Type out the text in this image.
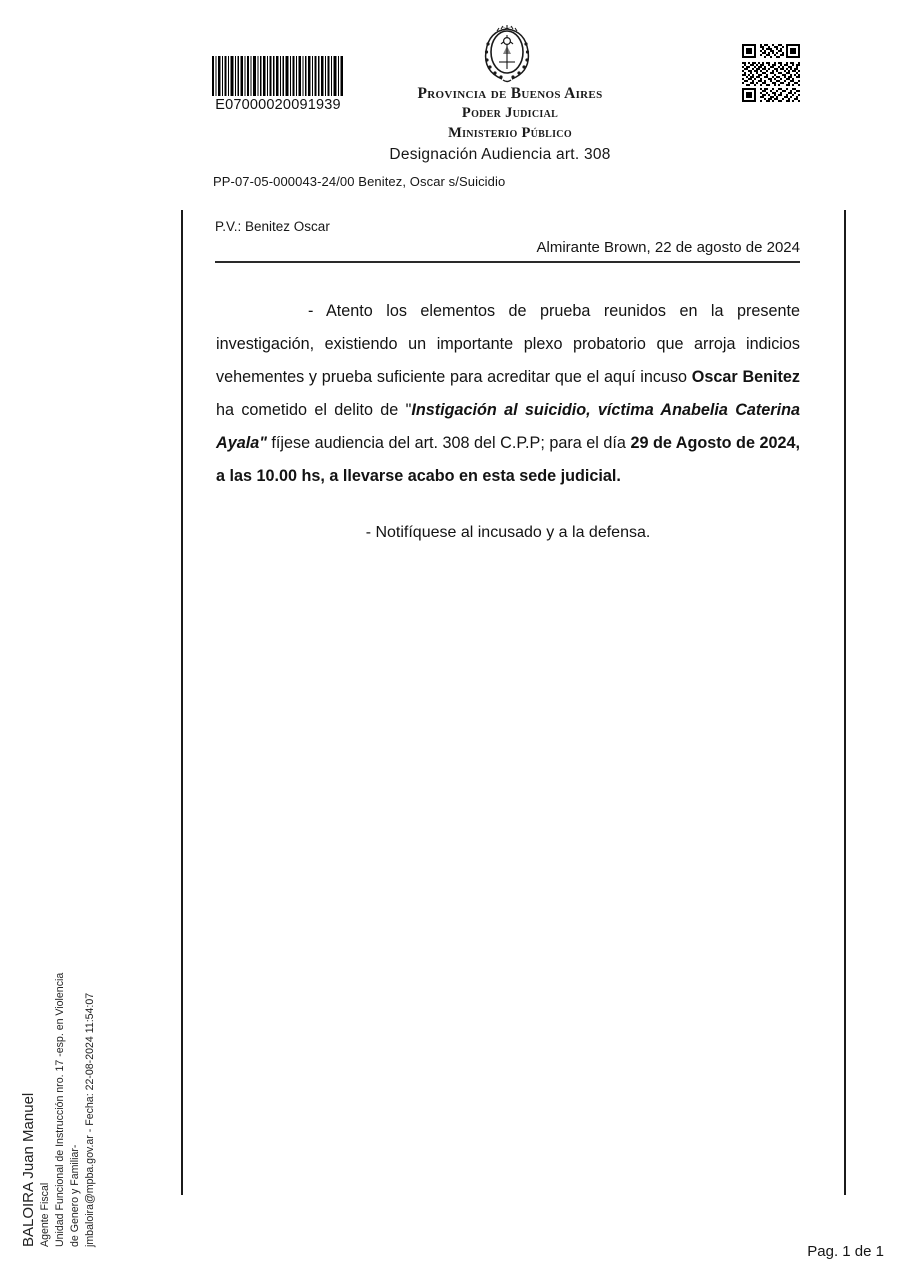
E07000020091939
Provincia de Buenos Aires
Poder Judicial
Ministerio Público
Designación Audiencia art. 308
PP-07-05-000043-24/00 Benitez, Oscar s/Suicidio
P.V.: Benitez Oscar
Almirante Brown, 22 de agosto de 2024
- Atento los elementos de prueba reunidos en la presente investigación, existiendo un importante plexo probatorio que arroja indicios vehementes y prueba suficiente para acreditar que el aquí incuso Oscar Benitez ha cometido el delito de "Instigación al suicidio, víctima Anabelia Caterina Ayala" fíjese audiencia del art. 308 del C.P.P; para el día 29 de Agosto de 2024, a las 10.00 hs, a llevarse acabo en esta sede judicial.
- Notifíquese al incusado y a la defensa.
BALOIRA Juan Manuel Agente Fiscal Unidad Funcional de Instrucción nro. 17 -esp. en Violencia de Genero y Familiar- jmbaloira@mpba.gov.ar - Fecha: 22-08-2024 11:54:07
Pag. 1 de 1
